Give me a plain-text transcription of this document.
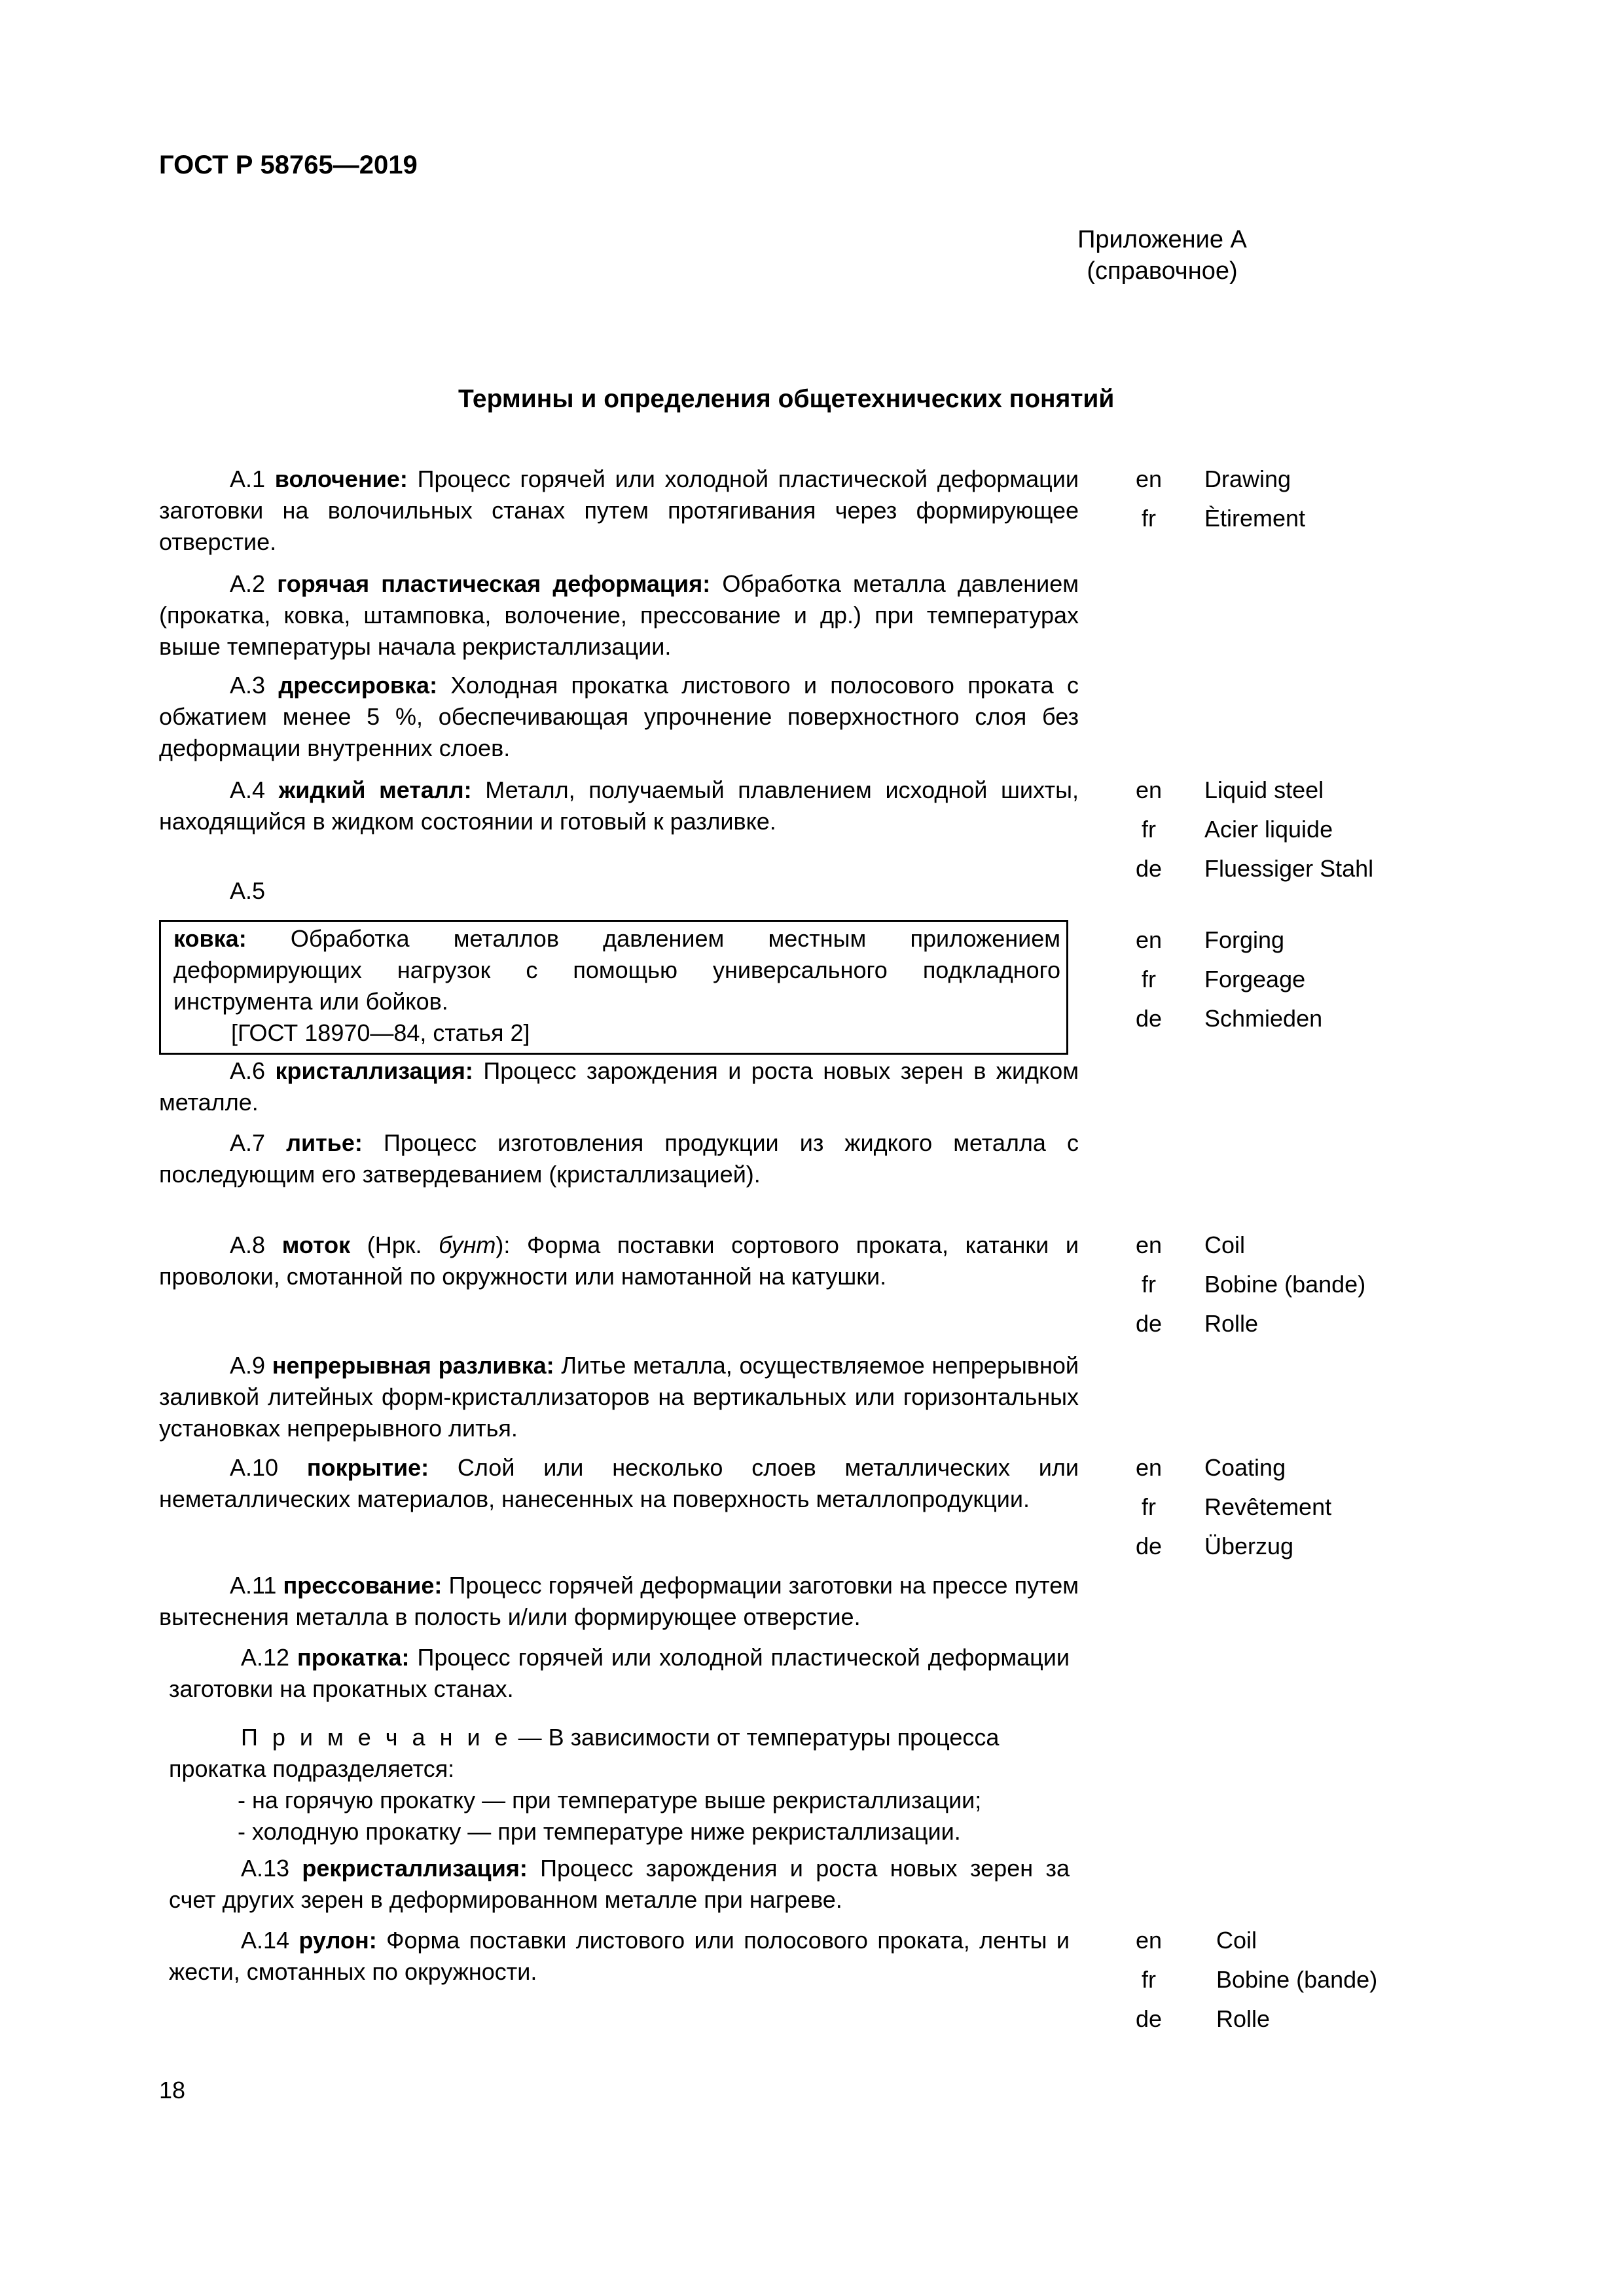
ГОСТ Р 58765—2019
Приложение А
(справочное)
Термины и определения общетехнических понятий

А.1 волочение: Процесс горячей или холодной пластической деформации заготовки на волочильных станах путем протягивания через формирующее отверстие.

А.2 горячая пластическая деформация: Обработка металла давлением (прокатка, ковка, штамповка, волочение, прессование и др.) при температурах выше температуры начала рекристаллизации.

А.3 дрессировка: Холодная прокатка листового и полосового проката с обжатием менее 5 %, обеспечивающая упрочнение поверхностного слоя без деформации внутренних слоев.

А.4 жидкий металл: Металл, получаемый плавлением исходной шихты, находящийся в жидком состоянии и готовый к разливке.

А.5

ковка: Обработка металлов давлением местным приложением деформирующих нагрузок с помощью универсального подкладного инструмента или бойков.

[ГОСТ 18970—84, статья 2]

А.6 кристаллизация: Процесс зарождения и роста новых зерен в жидком металле.

А.7 литье: Процесс изготовления продукции из жидкого металла с последующим его затвердеванием (кристаллизацией).

А.8 моток (Нрк. бунт): Форма поставки сортового проката, катанки и проволоки, смотанной по окружности или намотанной на катушки.

А.9 непрерывная разливка: Литье металла, осуществляемое непрерывной заливкой литейных форм-кристаллизаторов на вертикальных или горизонтальных установках непрерывного литья.

А.10 покрытие: Слой или несколько слоев металлических или неметаллических материалов, нанесенных на поверхность металлопродукции.

А.11 прессование: Процесс горячей деформации заготовки на прессе путем вытеснения металла в полость и/или формирующее отверстие.

А.12 прокатка: Процесс горячей или холодной пластической деформации заготовки на прокатных станах.

П р и м е ч а н и е — В зависимости от температуры процесса прокатка подразделяется:

- на горячую прокатку — при температуре выше рекристаллизации;

- холодную прокатку — при температуре ниже рекристаллизации.

А.13 рекристаллизация: Процесс зарождения и роста новых зерен за счет других зерен в деформированном металле при нагреве.

А.14 рулон: Форма поставки листового или полосового проката, ленты и жести, смотанных по окружности.

en	Drawing
fr	Ètirement
en	Liquid steel
fr	Acier liquide
de	Fluessiger Stahl
en	Forging
fr	Forgeage
de	Schmieden
en	Coil
fr	Bobine (bande)
de	Rolle
en	Coating
fr	Revêtement
de	Überzug
en	Coil
fr	Bobine (bande)
de	Rolle
18
